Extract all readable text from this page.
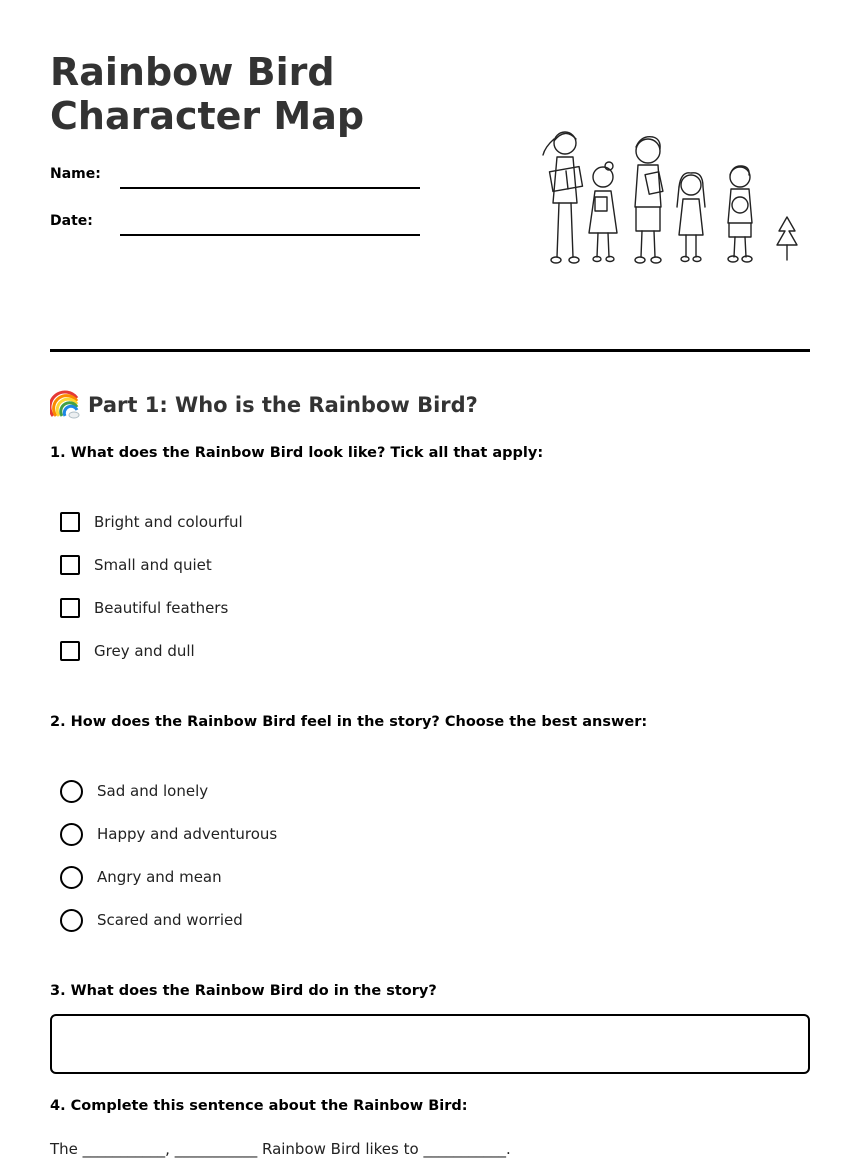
Rainbow Bird Character Map
Name:
Date:
Part 1: Who is the Rainbow Bird?

1. What does the Rainbow Bird look like? Tick all that apply:

Bright and colourful
Small and quiet
Beautiful feathers
Grey and dull

2. How does the Rainbow Bird feel in the story? Choose the best answer:

Sad and lonely
Happy and adventurous
Angry and mean
Scared and worried

3. What does the Rainbow Bird do in the story?

4. Complete this sentence about the Rainbow Bird:

The ___________, ___________ Rainbow Bird likes to ___________.
